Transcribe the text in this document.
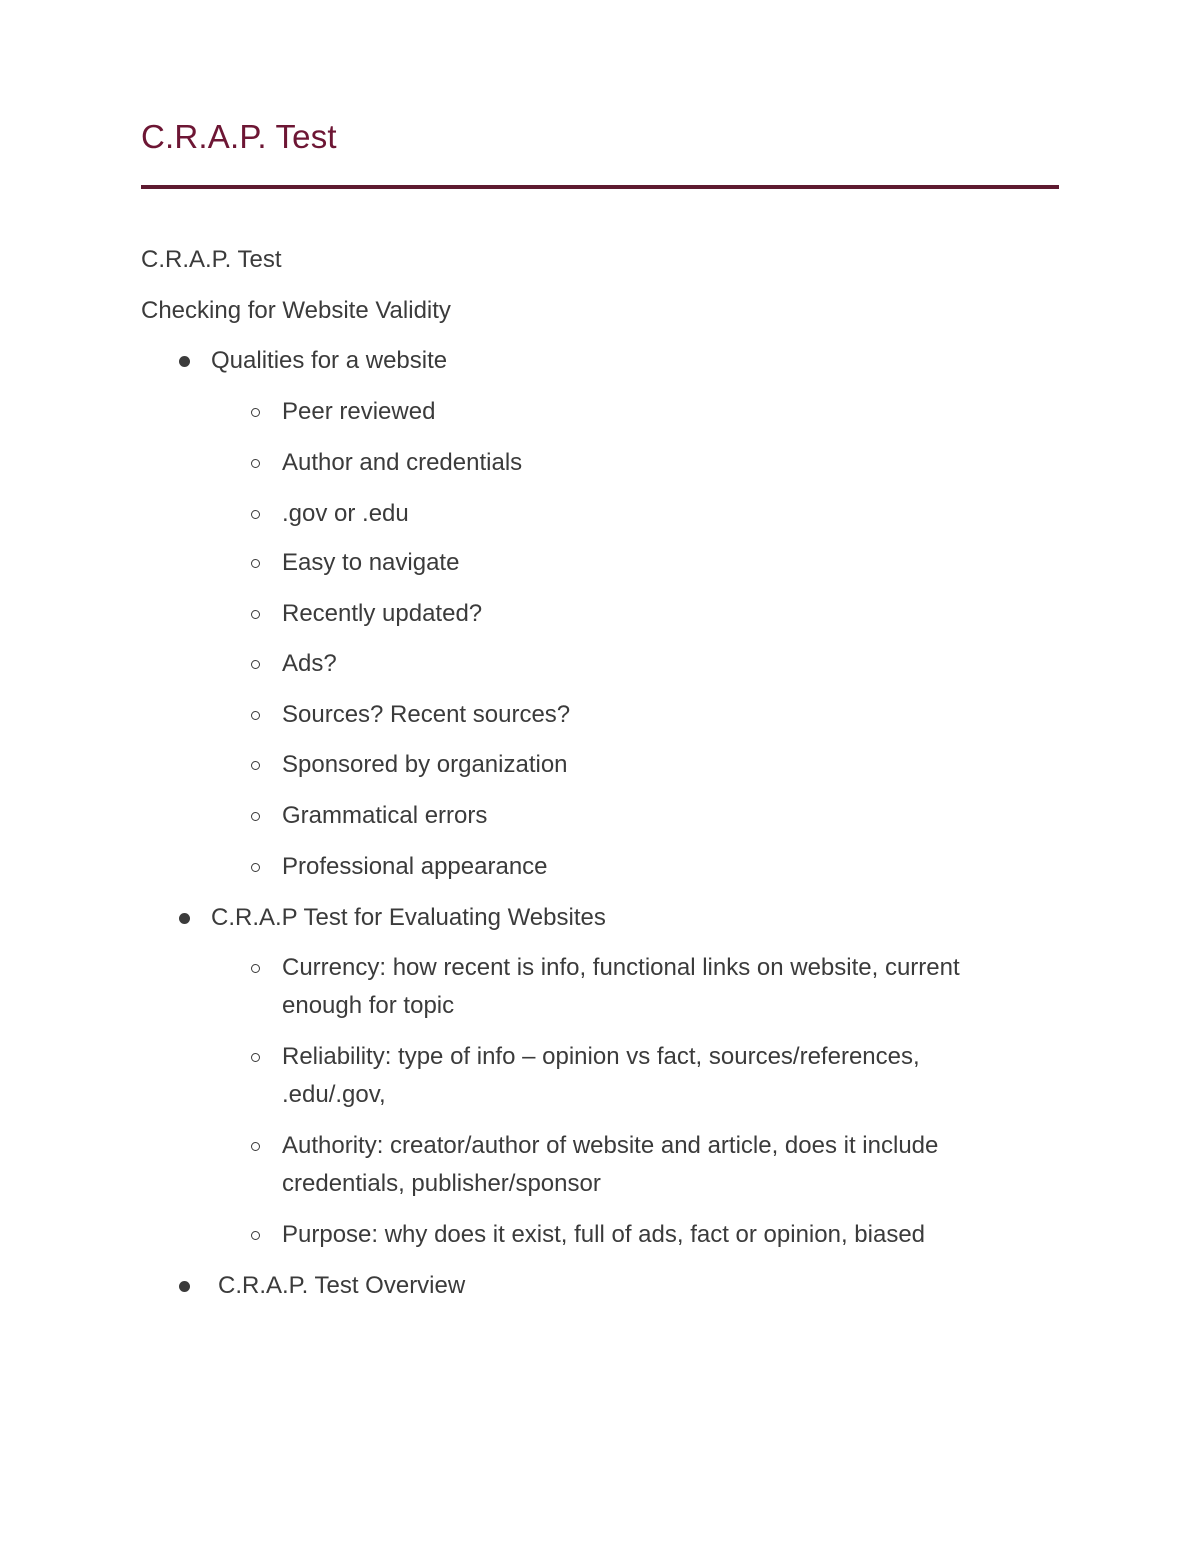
C.R.A.P. Test
C.R.A.P. Test
Checking for Website Validity
Qualities for a website
Peer reviewed
Author and credentials
.gov or .edu
Easy to navigate
Recently updated?
Ads?
Sources? Recent sources?
Sponsored by organization
Grammatical errors
Professional appearance
C.R.A.P Test for Evaluating Websites
Currency: how recent is info, functional links on website, current
enough for topic
Reliability: type of info – opinion vs fact, sources/references,
.edu/.gov,
Authority: creator/author of website and article, does it include
credentials, publisher/sponsor
Purpose: why does it exist, full of ads, fact or opinion, biased
C.R.A.P. Test Overview
